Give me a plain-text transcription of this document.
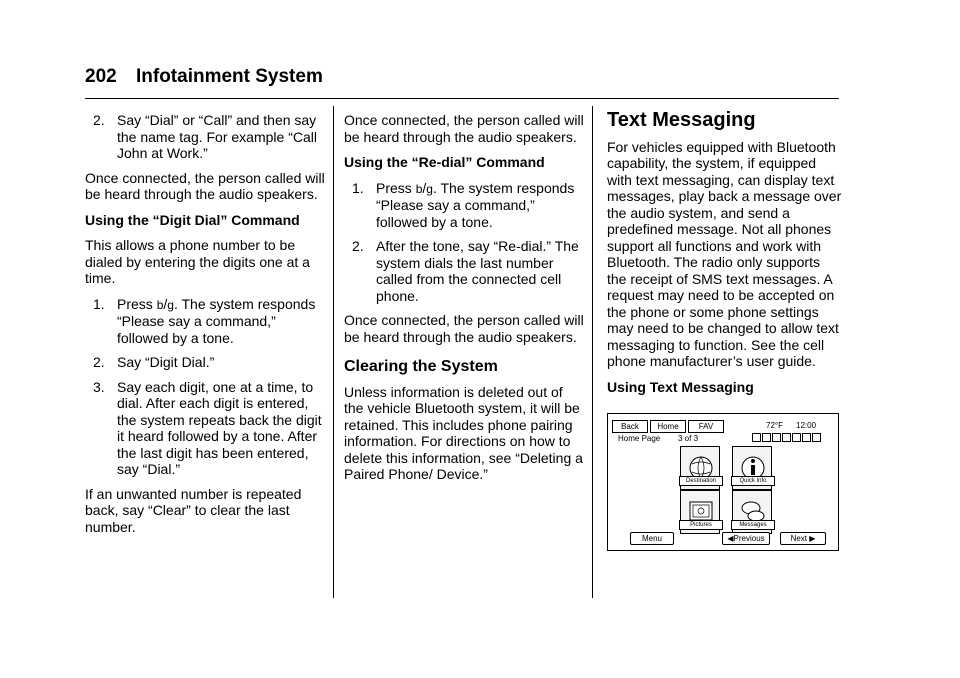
202 Infotainment System
2. Say “Dial” or “Call” and then say the name tag. For example “Call John at Work.”

Once connected, the person called will be heard through the audio speakers.

Using the “Digit Dial” Command

This allows a phone number to be dialed by entering the digits one at a time.

1. Press b/g. The system responds “Please say a command,” followed by a tone.
2. Say “Digit Dial.”
3. Say each digit, one at a time, to dial. After each digit is entered, the system repeats back the digit it heard followed by a tone. After the last digit has been entered, say “Dial.”

If an unwanted number is repeated back, say “Clear” to clear the last number.

Once connected, the person called will be heard through the audio speakers.

Using the “Re-dial” Command

1. Press b/g. The system responds “Please say a command,” followed by a tone.
2. After the tone, say “Re-dial.” The system dials the last number called from the connected cell phone.

Once connected, the person called will be heard through the audio speakers.

Clearing the System

Unless information is deleted out of the vehicle Bluetooth system, it will be retained. This includes phone pairing information. For directions on how to delete this information, see “Deleting a Paired Phone/ Device.”

Text Messaging

For vehicles equipped with Bluetooth capability, the system, if equipped with text messaging, can display text messages, play back a message over the audio system, and send a predefined message. Not all phones support all functions and work with Bluetooth. The radio only supports the receipt of SMS text messages. A request may need to be accepted on the phone or some phone settings may need to be changed to allow text messaging to function. See the cell phone manufacturer’s user guide.

Using Text Messaging

Back	Home	FAV	72°F 12:00
Home Page 3 of 3
Destination	Quick Info
Pictures	Messages
Menu	◀Previous	Next ▶
